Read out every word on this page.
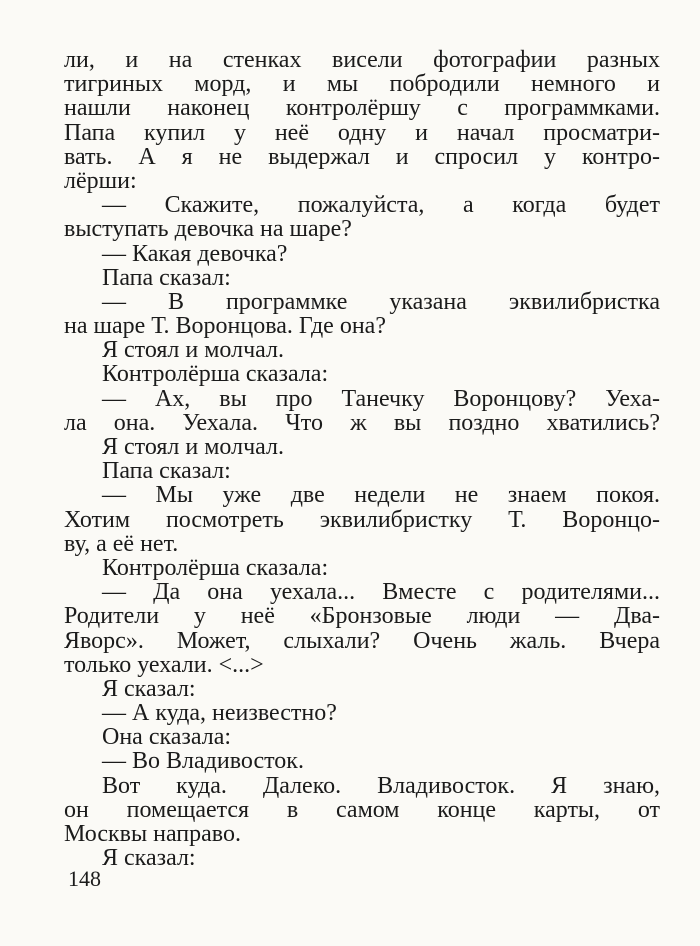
ли, и на стенках висели фотографии разных
тигриных морд, и мы побродили немного и
нашли наконец контролёршу с программками.
Папа купил у неё одну и начал просматри-
вать. А я не выдержал и спросил у контро-
лёрши:
— Скажите, пожалуйста, а когда будет
выступать девочка на шаре?
— Какая девочка?
Папа сказал:
— В программке указана эквилибристка
на шаре Т. Воронцова. Где она?
Я стоял и молчал.
Контролёрша сказала:
— Ах, вы про Танечку Воронцову? Уеха-
ла она. Уехала. Что ж вы поздно хватились?
Я стоял и молчал.
Папа сказал:
— Мы уже две недели не знаем покоя.
Хотим посмотреть эквилибристку Т. Воронцо-
ву, а её нет.
Контролёрша сказала:
— Да она уехала... Вместе с родителями...
Родители у неё «Бронзовые люди — Два-
Яворс». Может, слыхали? Очень жаль. Вчера
только уехали. <...>
Я сказал:
— А куда, неизвестно?
Она сказала:
— Во Владивосток.
Вот куда. Далеко. Владивосток. Я знаю,
он помещается в самом конце карты, от
Москвы направо.
Я сказал:
148
